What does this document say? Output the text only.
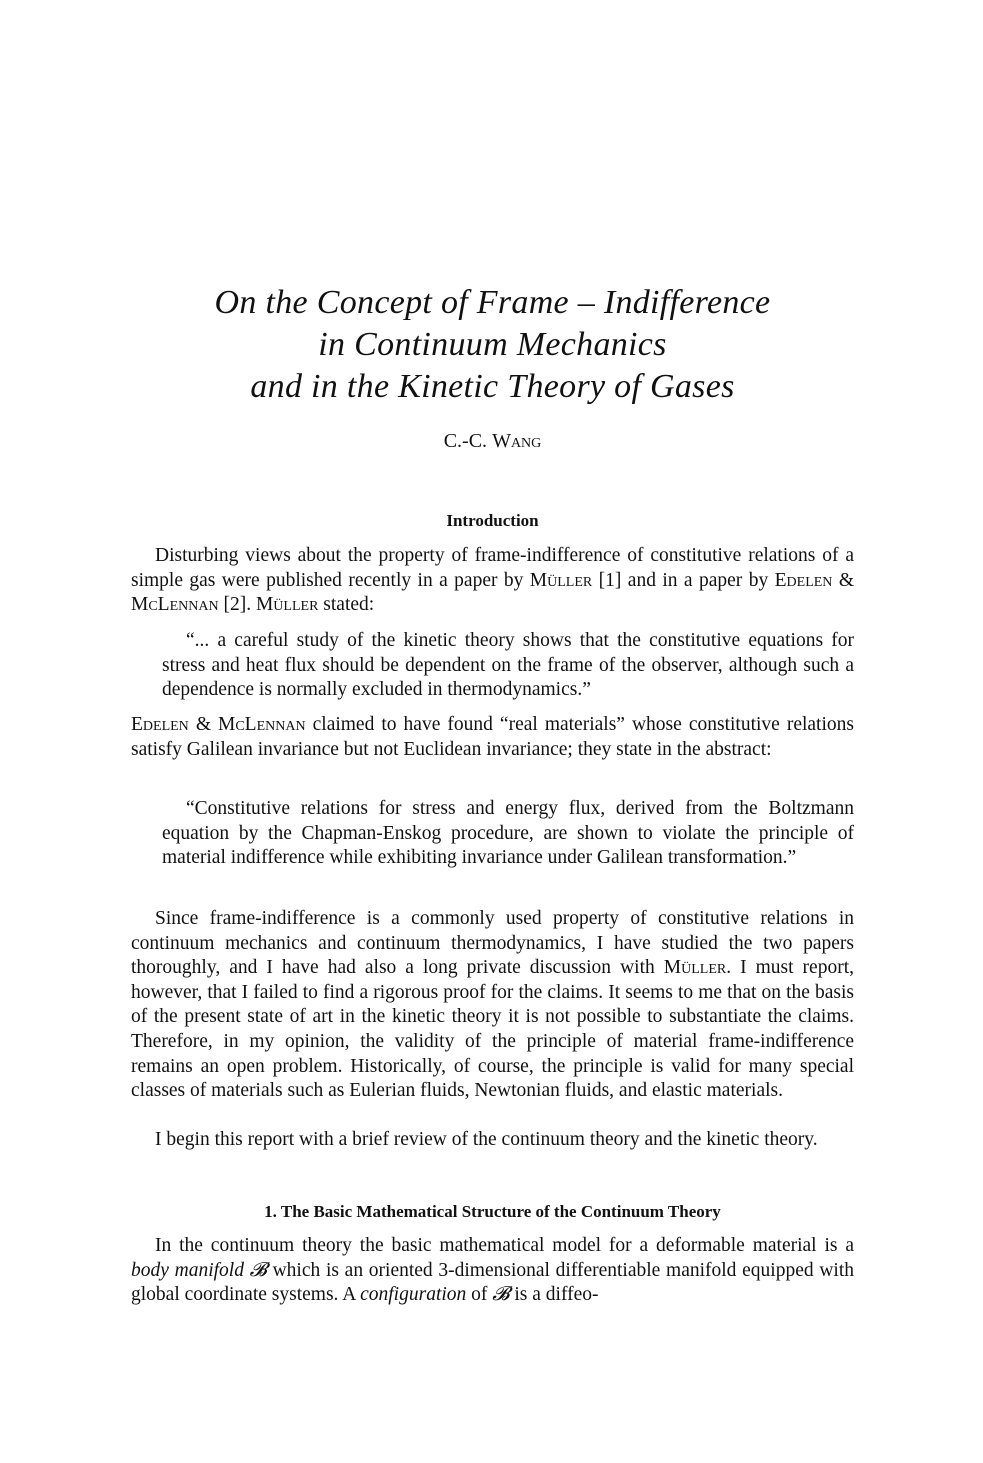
On the Concept of Frame – Indifference
in Continuum Mechanics
and in the Kinetic Theory of Gases
C.-C. Wang
Introduction
Disturbing views about the property of frame-indifference of constitutive relations of a simple gas were published recently in a paper by Müller [1] and in a paper by Edelen & McLennan [2]. Müller stated:
“... a careful study of the kinetic theory shows that the constitutive equations for stress and heat flux should be dependent on the frame of the observer, although such a dependence is normally excluded in thermodynamics.”
Edelen & McLennan claimed to have found “real materials” whose constitutive relations satisfy Galilean invariance but not Euclidean invariance; they state in the abstract:
“Constitutive relations for stress and energy flux, derived from the Boltzmann equation by the Chapman-Enskog procedure, are shown to violate the principle of material indifference while exhibiting invariance under Galilean transformation.”
Since frame-indifference is a commonly used property of constitutive relations in continuum mechanics and continuum thermodynamics, I have studied the two papers thoroughly, and I have had also a long private discussion with Müller. I must report, however, that I failed to find a rigorous proof for the claims. It seems to me that on the basis of the present state of art in the kinetic theory it is not possible to substantiate the claims. Therefore, in my opinion, the validity of the principle of material frame-indifference remains an open problem. Historically, of course, the principle is valid for many special classes of materials such as Eulerian fluids, Newtonian fluids, and elastic materials.
I begin this report with a brief review of the continuum theory and the kinetic theory.
1. The Basic Mathematical Structure of the Continuum Theory
In the continuum theory the basic mathematical model for a deformable material is a body manifold 𝓑 which is an oriented 3-dimensional differentiable manifold equipped with global coordinate systems. A configuration of 𝓑 is a diffeo-
